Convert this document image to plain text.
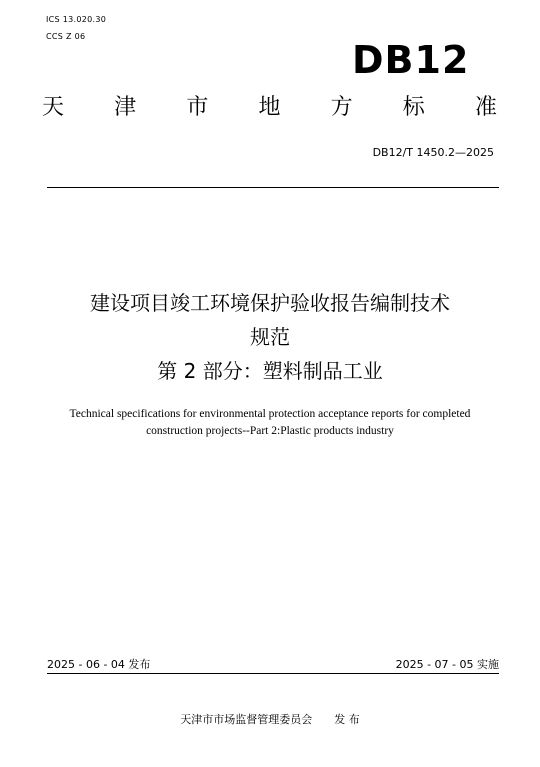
ICS 13.020.30
CCS Z 06
DB12
天 津 市 地 方 标 准
DB12/T 1450.2—2025
建设项目竣工环境保护验收报告编制技术
规范
第 2 部分：塑料制品工业
Technical specifications for environmental protection acceptance reports for completed construction projects--Part 2:Plastic products industry
2025 - 06 - 04 发布	2025 - 07 - 05 实施
天津市市场监督管理委员会 发 布
